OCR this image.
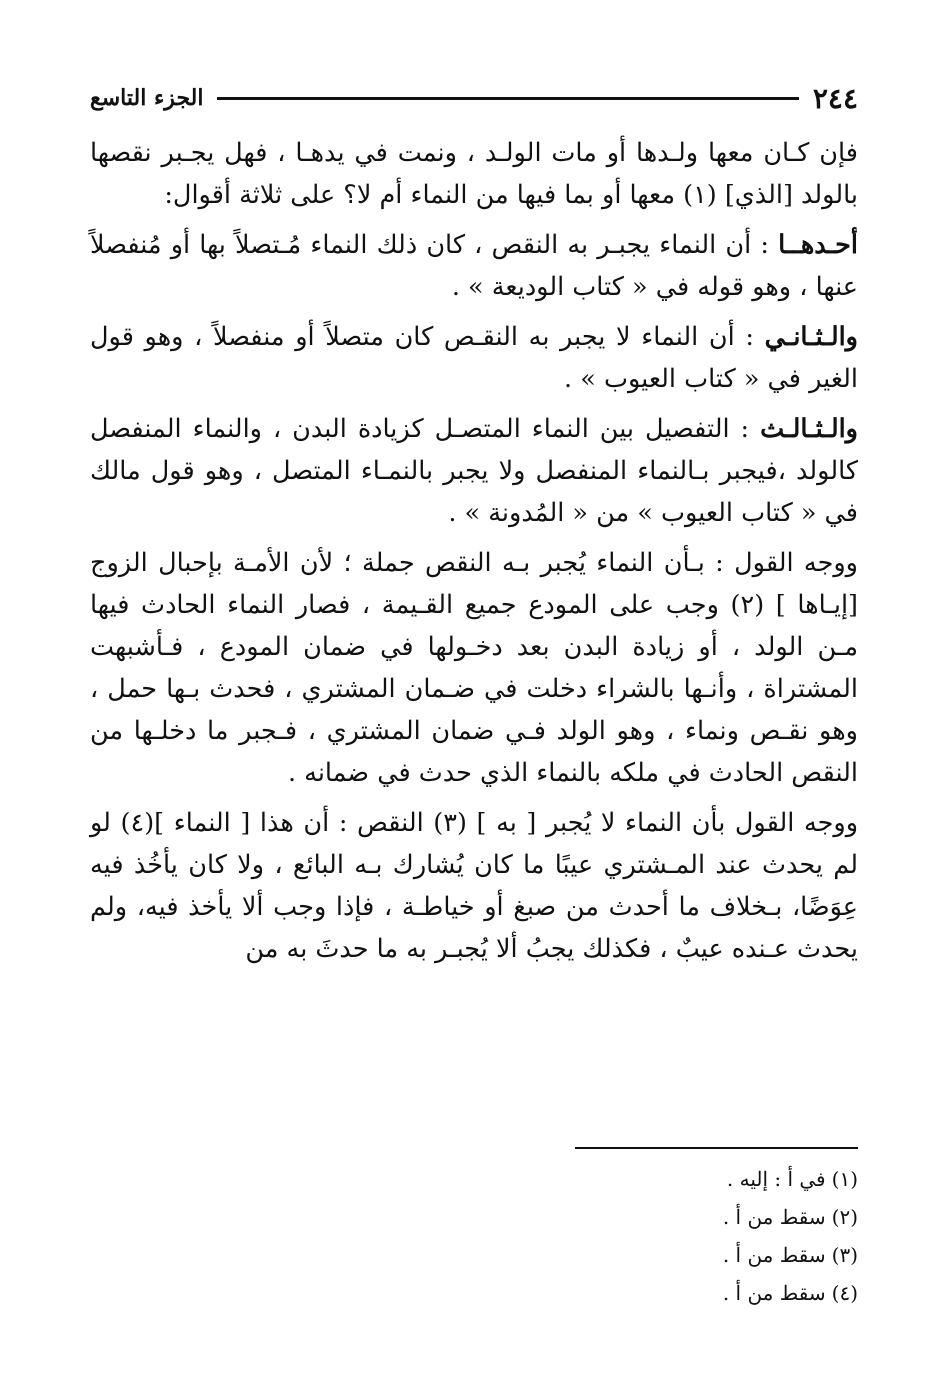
٢٤٤
الجزء التاسع

فإن كـان معها ولـدها أو مات الولـد ، ونمت في يدهـا ، فهل يجـبر نقصها بالولد [الذي] (١) معها أو بما فيها من النماء أم لا؟ على ثلاثة أقوال:

أحـدهــا : أن النماء يجبـر به النقص ، كان ذلك النماء مُـتصلاً بها أو مُنفصلاً عنها ، وهو قوله في « كتاب الوديعة » .

والـثـانـي : أن النماء لا يجبر به النقـص كان متصلاً أو منفصلاً ، وهو قول الغير في « كتاب العيوب » .

والـثـالـث : التفصيل بين النماء المتصـل كزيادة البدن ، والنماء المنفصل كالولد ،فيجبر بـالنماء المنفصل ولا يجبر بالنمـاء المتصل ، وهو قول مالك في « كتاب العيوب » من « المُدونة » .

ووجه القول : بـأن النماء يُجبر بـه النقص جملة ؛ لأن الأمـة بإحبال الزوج [إيـاها ] (٢) وجب على المودع جميع القـيمة ، فصار النماء الحادث فيها مـن الولد ، أو زيادة البدن بعد دخـولها في ضمان المودع ، فـأشبهت المشتراة ، وأنـها بالشراء دخلت في ضـمان المشتري ، فحدث بـها حمل ، وهو نقـص ونماء ، وهو الولد فـي ضمان المشتري ، فـجبر ما دخلـها من النقص الحادث في ملكه بالنماء الذي حدث في ضمانه .

ووجه القول بأن النماء لا يُجبر [ به ] (٣) النقص : أن هذا [ النماء ](٤) لو لم يحدث عند المـشتري عيبًا ما كان يُشارك بـه البائع ، ولا كان يأخُذ فيه عِوَضًا، بـخلاف ما أحدث من صبغ أو خياطـة ، فإذا وجب ألا يأخذ فيه، ولم يحدث عـنده عيبٌ ، فكذلك يجبُ ألا يُجبـر به ما حدثَ به من

(١)
في أ : إليه .
(٢)
سقط من أ .
(٣)
سقط من أ .
(٤)
سقط من أ .
